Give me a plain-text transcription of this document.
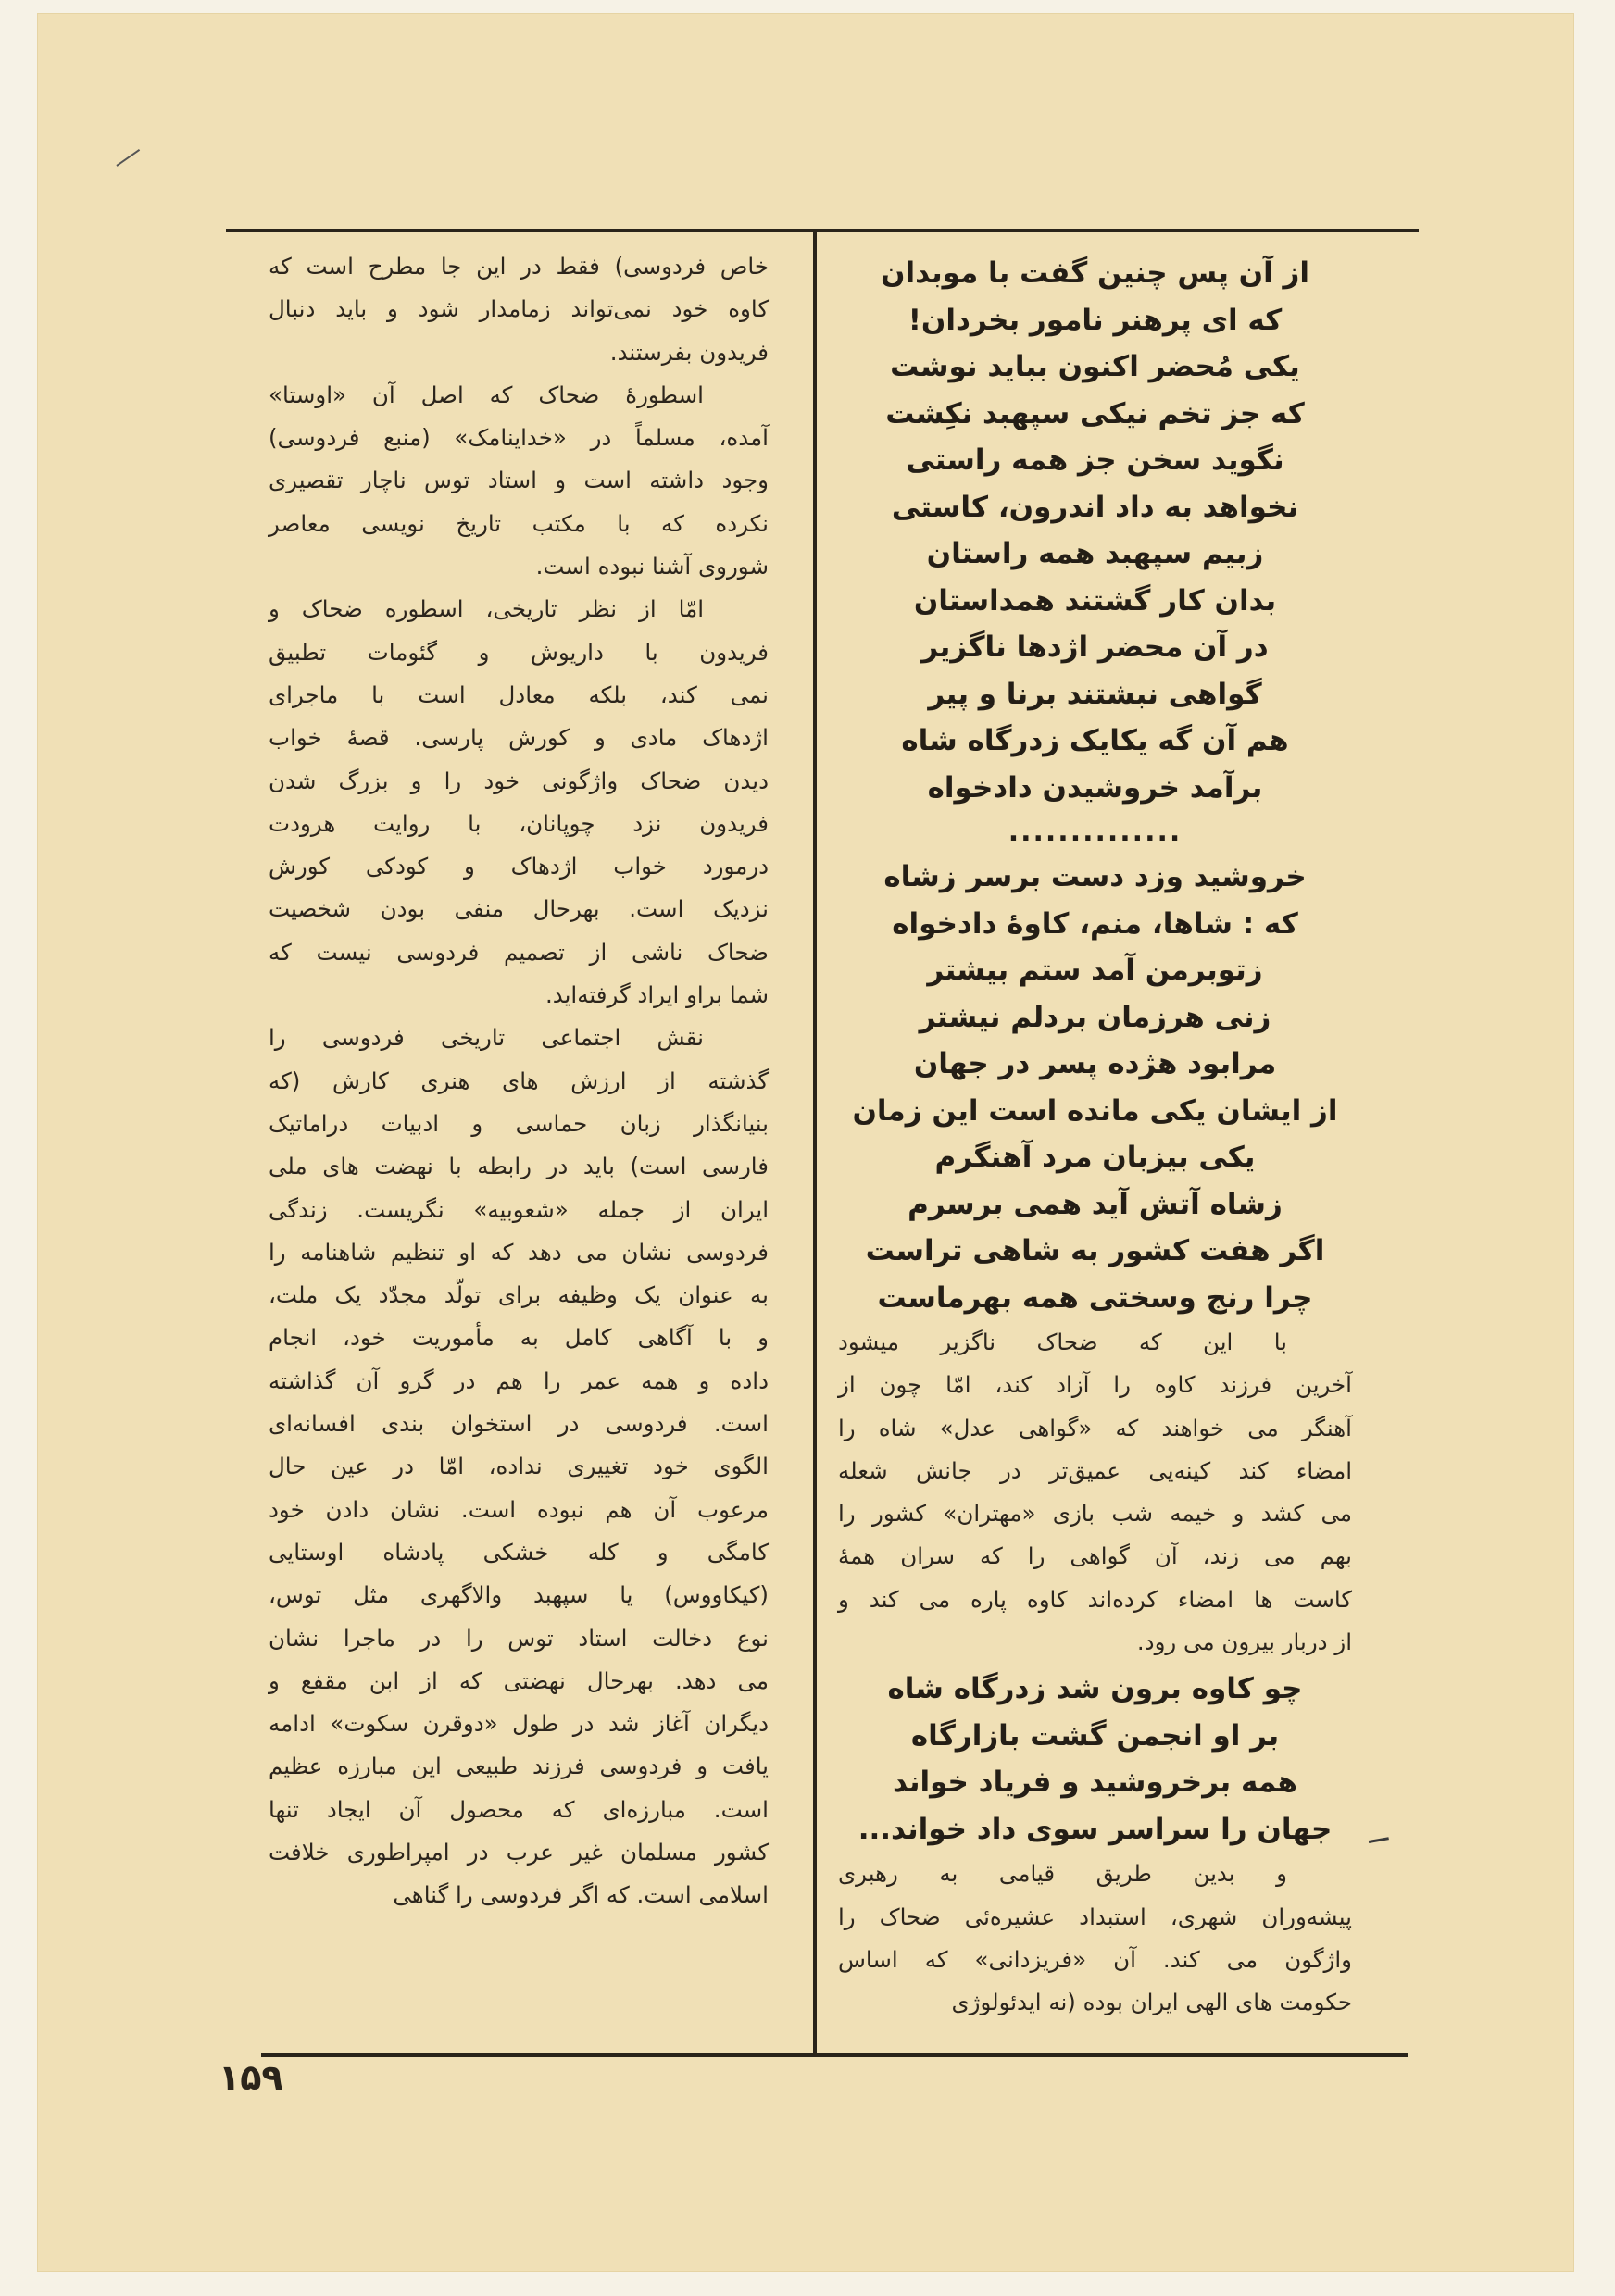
از آن پس چنین گفت با موبدان
که ای پرهنر نامور بخردان!
یکی مُحضر اکنون بباید نوشت
که جز تخم نیکی سپهبد نکِشت
نگوید سخن جز همه راستی
نخواهد به داد اندرون، کاستی
زبیم سپهبد همه راستان
بدان کار گشتند همداستان
در آن محضر اژدها ناگزیر
گواهی نبشتند برنا و پیر
هم آن گه یکایک زدرگاه شاه
برآمد خروشیدن دادخواه
..............
خروشید وزد دست برسر زشاه
که : شاها، منم، کاوهٔ دادخواه
زتوبرمن آمد ستم بیشتر
زنی هرزمان بردلم نیشتر
مرابود هژده پسر در جهان
از ایشان یکی مانده است این زمان
یکی بیزبان مرد آهنگرم
زشاه آتش آید همی برسرم
اگر هفت کشور به شاهی تراست
چرا رنج وسختی همه بهرماست
با این که ضحاک ناگزیر میشود
آخرین فرزند کاوه را آزاد کند، امّا چون از
آهنگر می خواهند که «گواهی عدل» شاه را
امضاء کند کینه‌یی عمیق‌تر در جانش شعله
می کشد و خیمه شب بازی «مهتران» کشور را
بهم می زند، آن گواهی را که سران همهٔ
کاست ها امضاء کرده‌اند کاوه پاره می کند و
از دربار بیرون می رود.
چو کاوه برون شد زدرگاه شاه
بر او انجمن گشت بازارگاه
همه برخروشید و فریاد خواند
جهان را سراسر سوی داد خواند...
و بدین طریق قیامی به رهبری
پیشه‌وران شهری، استبداد عشیره‌ئی ضحاک را
واژگون می کند. آن «فریزدانی» که اساس
حکومت های الهی ایران بوده (نه ایدئولوژی
خاص فردوسی) فقط در این جا مطرح است که
کاوه خود نمی‌تواند زمامدار شود و باید دنبال
فریدون بفرستند.
اسطورهٔ ضحاک که اصل آن «اوستا»
آمده، مسلماً در «خداینامک» (منبع فردوسی)
وجود داشته است و استاد توس ناچار تقصیری
نکرده که با مکتب تاریخ نویسی معاصر
شوروی آشنا نبوده است.
امّا از نظر تاریخی، اسطوره ضحاک و
فریدون با داریوش و گئومات تطبیق
نمی کند، بلکه معادل است با ماجرای
اژدهاک مادی و کورش پارسی. قصهٔ خواب
دیدن ضحاک واژگونی خود را و بزرگ شدن
فریدون نزد چوپانان، با روایت هرودت
درمورد خواب اژدهاک و کودکی کورش
نزدیک است. بهرحال منفی بودن شخصیت
ضحاک ناشی از تصمیم فردوسی نیست که
شما براو ایراد گرفته‌اید.
نقش اجتماعی تاریخی فردوسی را
گذشته از ارزش های هنری کارش (که
بنیانگذار زبان حماسی و ادبیات دراماتیک
فارسی است) باید در رابطه با نهضت های ملی
ایران از جمله «شعوبیه» نگریست. زندگی
فردوسی نشان می دهد که او تنظیم شاهنامه را
به عنوان یک وظیفه برای تولّد مجدّد یک ملت،
و با آگاهی کامل به مأموریت خود، انجام
داده و همه عمر را هم در گرو آن گذاشته
است. فردوسی در استخوان بندی افسانه‌ای
الگوی خود تغییری نداده، امّا در عین حال
مرعوب آن هم نبوده است. نشان دادن خود
کامگی و کله خشکی پادشاه اوستایی
(کیکاووس) یا سپهبد والاگهری مثل توس،
نوع دخالت استاد توس را در ماجرا نشان
می دهد. بهرحال نهضتی که از ابن مقفع و
دیگران آغاز شد در طول «دوقرن سکوت» ادامه
یافت و فردوسی فرزند طبیعی این مبارزه عظیم
است. مبارزه‌ای که محصول آن ایجاد تنها
کشور مسلمان غیر عرب در امپراطوری خلافت
اسلامی است. که اگر فردوسی را گناهی
۱۵۹
